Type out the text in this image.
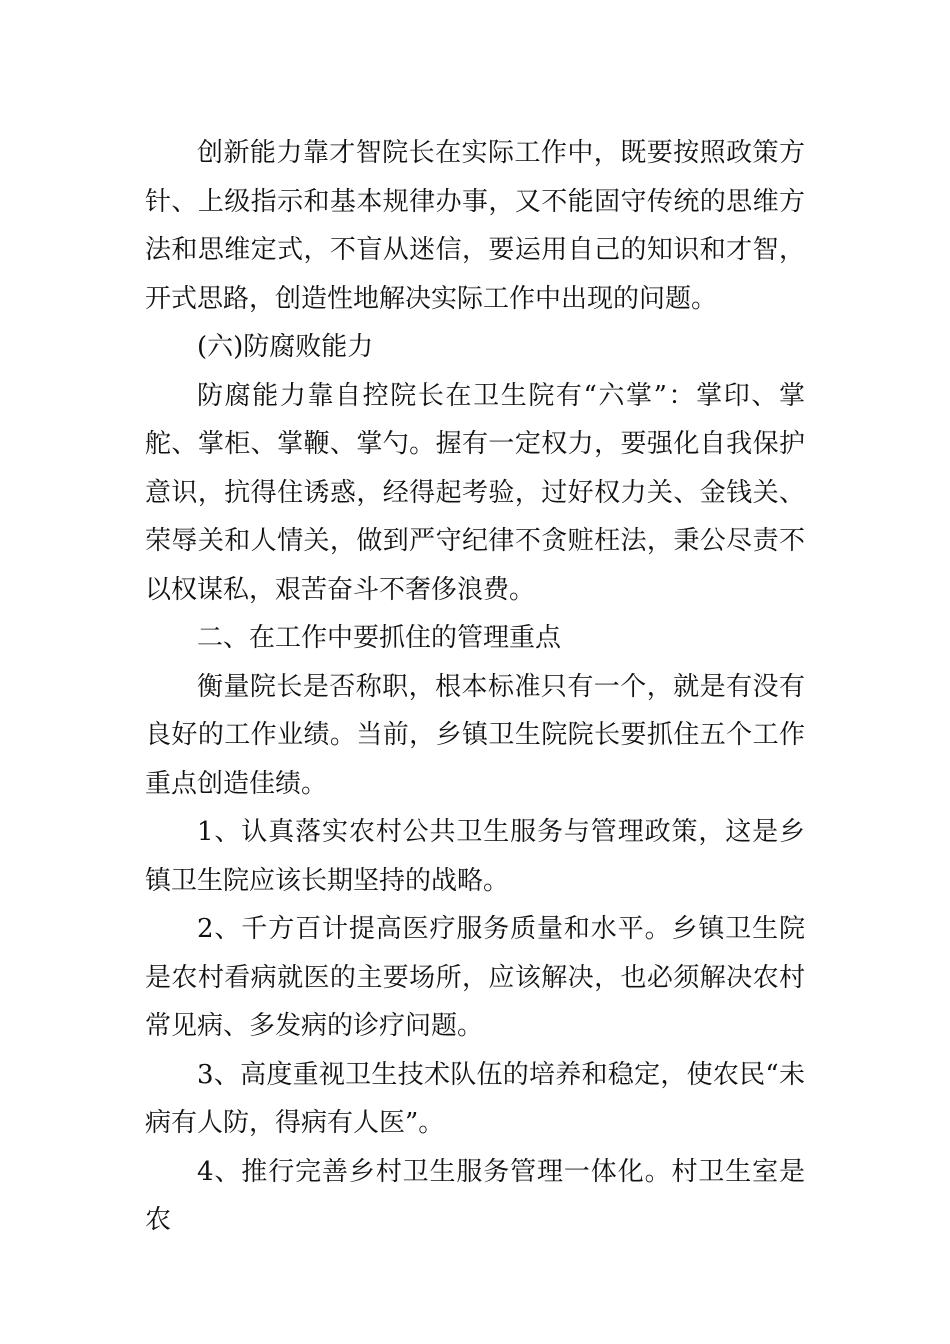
创新能力靠才智院长在实际工作中，既要按照政策方针、上级指示和基本规律办事，又不能固守传统的思维方法和思维定式，不盲从迷信，要运用自己的知识和才智，开式思路，创造性地解决实际工作中出现的问题。

(六)防腐败能力

防腐能力靠自控院长在卫生院有“六掌”：掌印、掌舵、掌柜、掌鞭、掌勺。握有一定权力，要强化自我保护意识，抗得住诱惑，经得起考验，过好权力关、金钱关、荣辱关和人情关，做到严守纪律不贪赃枉法，秉公尽责不以权谋私，艰苦奋斗不奢侈浪费。

二、在工作中要抓住的管理重点

衡量院长是否称职，根本标准只有一个，就是有没有良好的工作业绩。当前，乡镇卫生院院长要抓住五个工作重点创造佳绩。

1、认真落实农村公共卫生服务与管理政策，这是乡镇卫生院应该长期坚持的战略。

2、千方百计提高医疗服务质量和水平。乡镇卫生院是农村看病就医的主要场所，应该解决，也必须解决农村常见病、多发病的诊疗问题。

3、高度重视卫生技术队伍的培养和稳定，使农民“未病有人防，得病有人医”。

4、推行完善乡村卫生服务管理一体化。村卫生室是农
